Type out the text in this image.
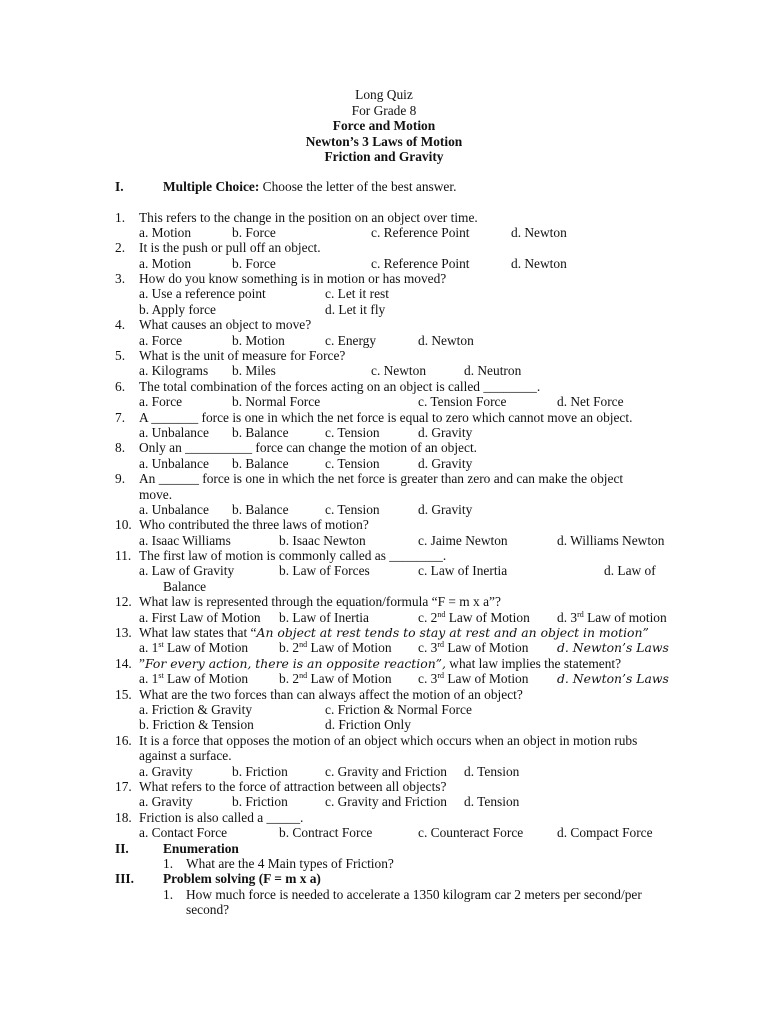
Long Quiz
For Grade 8
Force and Motion
Newton’s 3 Laws of Motion
Friction and Gravity
I.	Multiple Choice: Choose the letter of the best answer.
1. This refers to the change in the position on an object over time.
a. Motion	b. Force	c. Reference Point	d. Newton
2. It is the push or pull off an object.
a. Motion	b. Force	c. Reference Point	d. Newton
3. How do you know something is in motion or has moved?
a. Use a reference point	c. Let it rest
b. Apply force	d. Let it fly
4. What causes an object to move?
a. Force	b. Motion	c. Energy	d. Newton
5. What is the unit of measure for Force?
a. Kilograms b. Miles	c. Newton	d. Neutron
6. The total combination of the forces acting on an object is called ________.
a. Force	b. Normal Force	c. Tension Force	d. Net Force
7. A _______ force is one in which the net force is equal to zero which cannot move an object.
a. Unbalance b. Balance	c. Tension	d. Gravity
8. Only an __________ force can change the motion of an object.
a. Unbalance b. Balance	c. Tension	d. Gravity
9. An ______ force is one in which the net force is greater than zero and can make the object
move.
a. Unbalance b. Balance	c. Tension	d. Gravity
10. Who contributed the three laws of motion?
a. Isaac Williams	b. Isaac Newton	c. Jaime Newton	d. Williams Newton
11. The first law of motion is commonly called as ________.
a. Law of Gravity	b. Law of Forces	c. Law of Inertia	d. Law of
Balance
12. What law is represented through the equation/formula “F = m x a”?
a. First Law of Motion b. Law of Inertia	c. 2nd Law of Motion d. 3rd Law of motion
13. What law states that “An object at rest tends to stay at rest and an object in motion”
a. 1st Law of Motion b. 2nd Law of Motion c. 3rd Law of Motion d. Newton’s Laws
14. ”For every action, there is an opposite reaction”, what law implies the statement?
a. 1st Law of Motion b. 2nd Law of Motion c. 3rd Law of Motion d. Newton’s Laws
15. What are the two forces than can always affect the motion of an object?
a. Friction & Gravity	c. Friction & Normal Force
b. Friction & Tension	d. Friction Only
16. It is a force that opposes the motion of an object which occurs when an object in motion rubs
against a surface.
a. Gravity	b. Friction	c. Gravity and Friction d. Tension
17. What refers to the force of attraction between all objects?
a. Gravity	b. Friction	c. Gravity and Friction d. Tension
18. Friction is also called a _____.
a. Contact Force	b. Contract Force	c. Counteract Force	d. Compact Force
II.	Enumeration
1. What are the 4 Main types of Friction?
III. Problem solving (F = m x a)
1. How much force is needed to accelerate a 1350 kilogram car 2 meters per second/per
second?
